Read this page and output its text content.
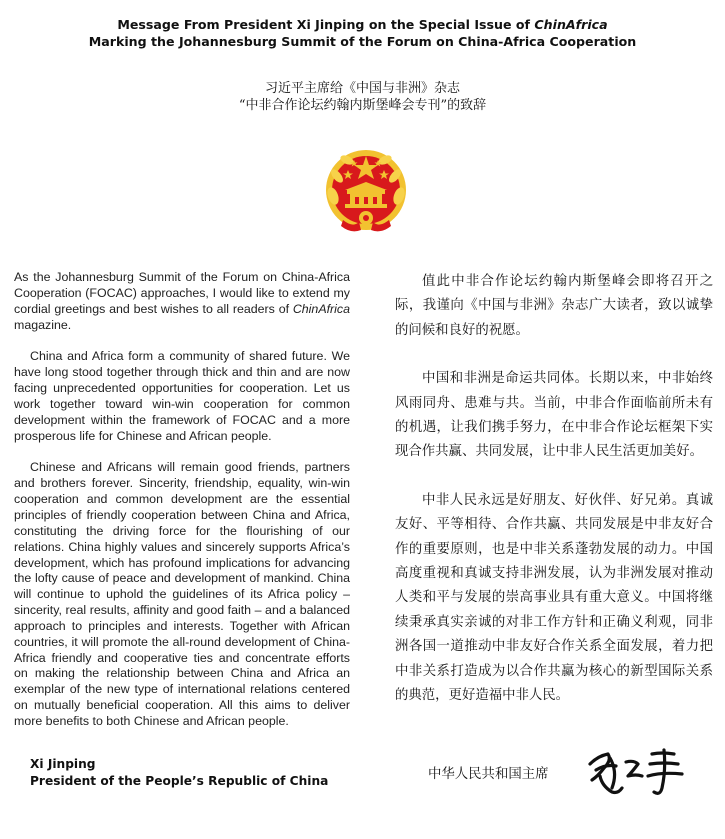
Message From President Xi Jinping on the Special Issue of ChinAfrica
Marking the Johannesburg Summit of the Forum on China-Africa Cooperation
习近平主席给《中国与非洲》杂志
“中非合作论坛约翰内斯堡峰会专刊”的致辞

As the Johannesburg Summit of the Forum on China-Africa Cooperation (FOCAC) approaches, I would like to extend my cordial greetings and best wishes to all readers of ChinAfrica magazine.

China and Africa form a community of shared future. We have long stood together through thick and thin and are now facing unprecedented opportunities for cooperation. Let us work together toward win-win cooperation for common development within the framework of FOCAC and a more prosperous life for Chinese and African people.

Chinese and Africans will remain good friends, partners and brothers forever. Sincerity, friendship, equality, win-win cooperation and common development are the essential principles of friendly cooperation between China and Africa, constituting the driving force for the flourishing of our relations. China highly values and sincerely supports Africa’s development, which has profound implications for advancing the lofty cause of peace and development of mankind. China will continue to uphold the guidelines of its Africa policy – sincerity, real results, affinity and good faith – and a balanced approach to principles and interests. Together with African countries, it will promote the all-round development of China-Africa friendly and cooperative ties and concentrate efforts on making the relationship between China and Africa an exemplar of the new type of international relations centered on mutually beneficial cooperation. All this aims to deliver more benefits to both Chinese and African people.

值此中非合作论坛约翰内斯堡峰会即将召开之际，我谨向《中国与非洲》杂志广大读者，致以诚挚的问候和良好的祝愿。

中国和非洲是命运共同体。长期以来，中非始终风雨同舟、患难与共。当前，中非合作面临前所未有的机遇，让我们携手努力，在中非合作论坛框架下实现合作共赢、共同发展，让中非人民生活更加美好。

中非人民永远是好朋友、好伙伴、好兄弟。真诚友好、平等相待、合作共赢、共同发展是中非友好合作的重要原则，也是中非关系蓬勃发展的动力。中国高度重视和真诚支持非洲发展，认为非洲发展对推动人类和平与发展的崇高事业具有重大意义。中国将继续秉承真实亲诚的对非工作方针和正确义利观，同非洲各国一道推动中非友好合作关系全面发展，着力把中非关系打造成为以合作共赢为核心的新型国际关系的典范，更好造福中非人民。

Xi Jinping
President of the People’s Republic of China	中华人民共和国主席
